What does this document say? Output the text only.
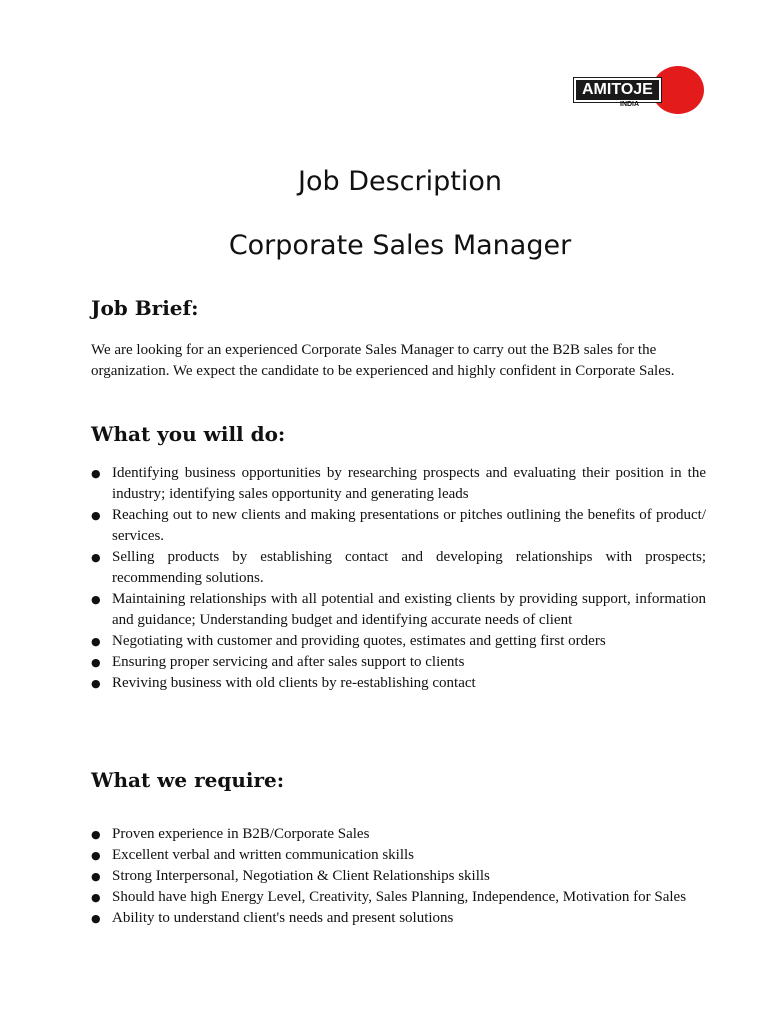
AMITOJE
INDIA
Job Description
Corporate Sales Manager
Job Brief:
We are looking for an experienced Corporate Sales Manager to carry out the B2B sales for the organization. We expect the candidate to be experienced and highly confident in Corporate Sales.
What you will do:
● Identifying business opportunities by researching prospects and evaluating their position in the industry; identifying sales opportunity and generating leads
● Reaching out to new clients and making presentations or pitches outlining the benefits of product/ services.
● Selling products by establishing contact and developing relationships with prospects; recommending solutions.
● Maintaining relationships with all potential and existing clients by providing support, information and guidance; Understanding budget and identifying accurate needs of client
● Negotiating with customer and providing quotes, estimates and getting first orders
● Ensuring proper servicing and after sales support to clients
● Reviving business with old clients by re-establishing contact
What we require:
● Proven experience in B2B/Corporate Sales
● Excellent verbal and written communication skills
● Strong Interpersonal, Negotiation & Client Relationships skills
● Should have high Energy Level, Creativity, Sales Planning, Independence, Motivation for Sales
● Ability to understand client's needs and present solutions
